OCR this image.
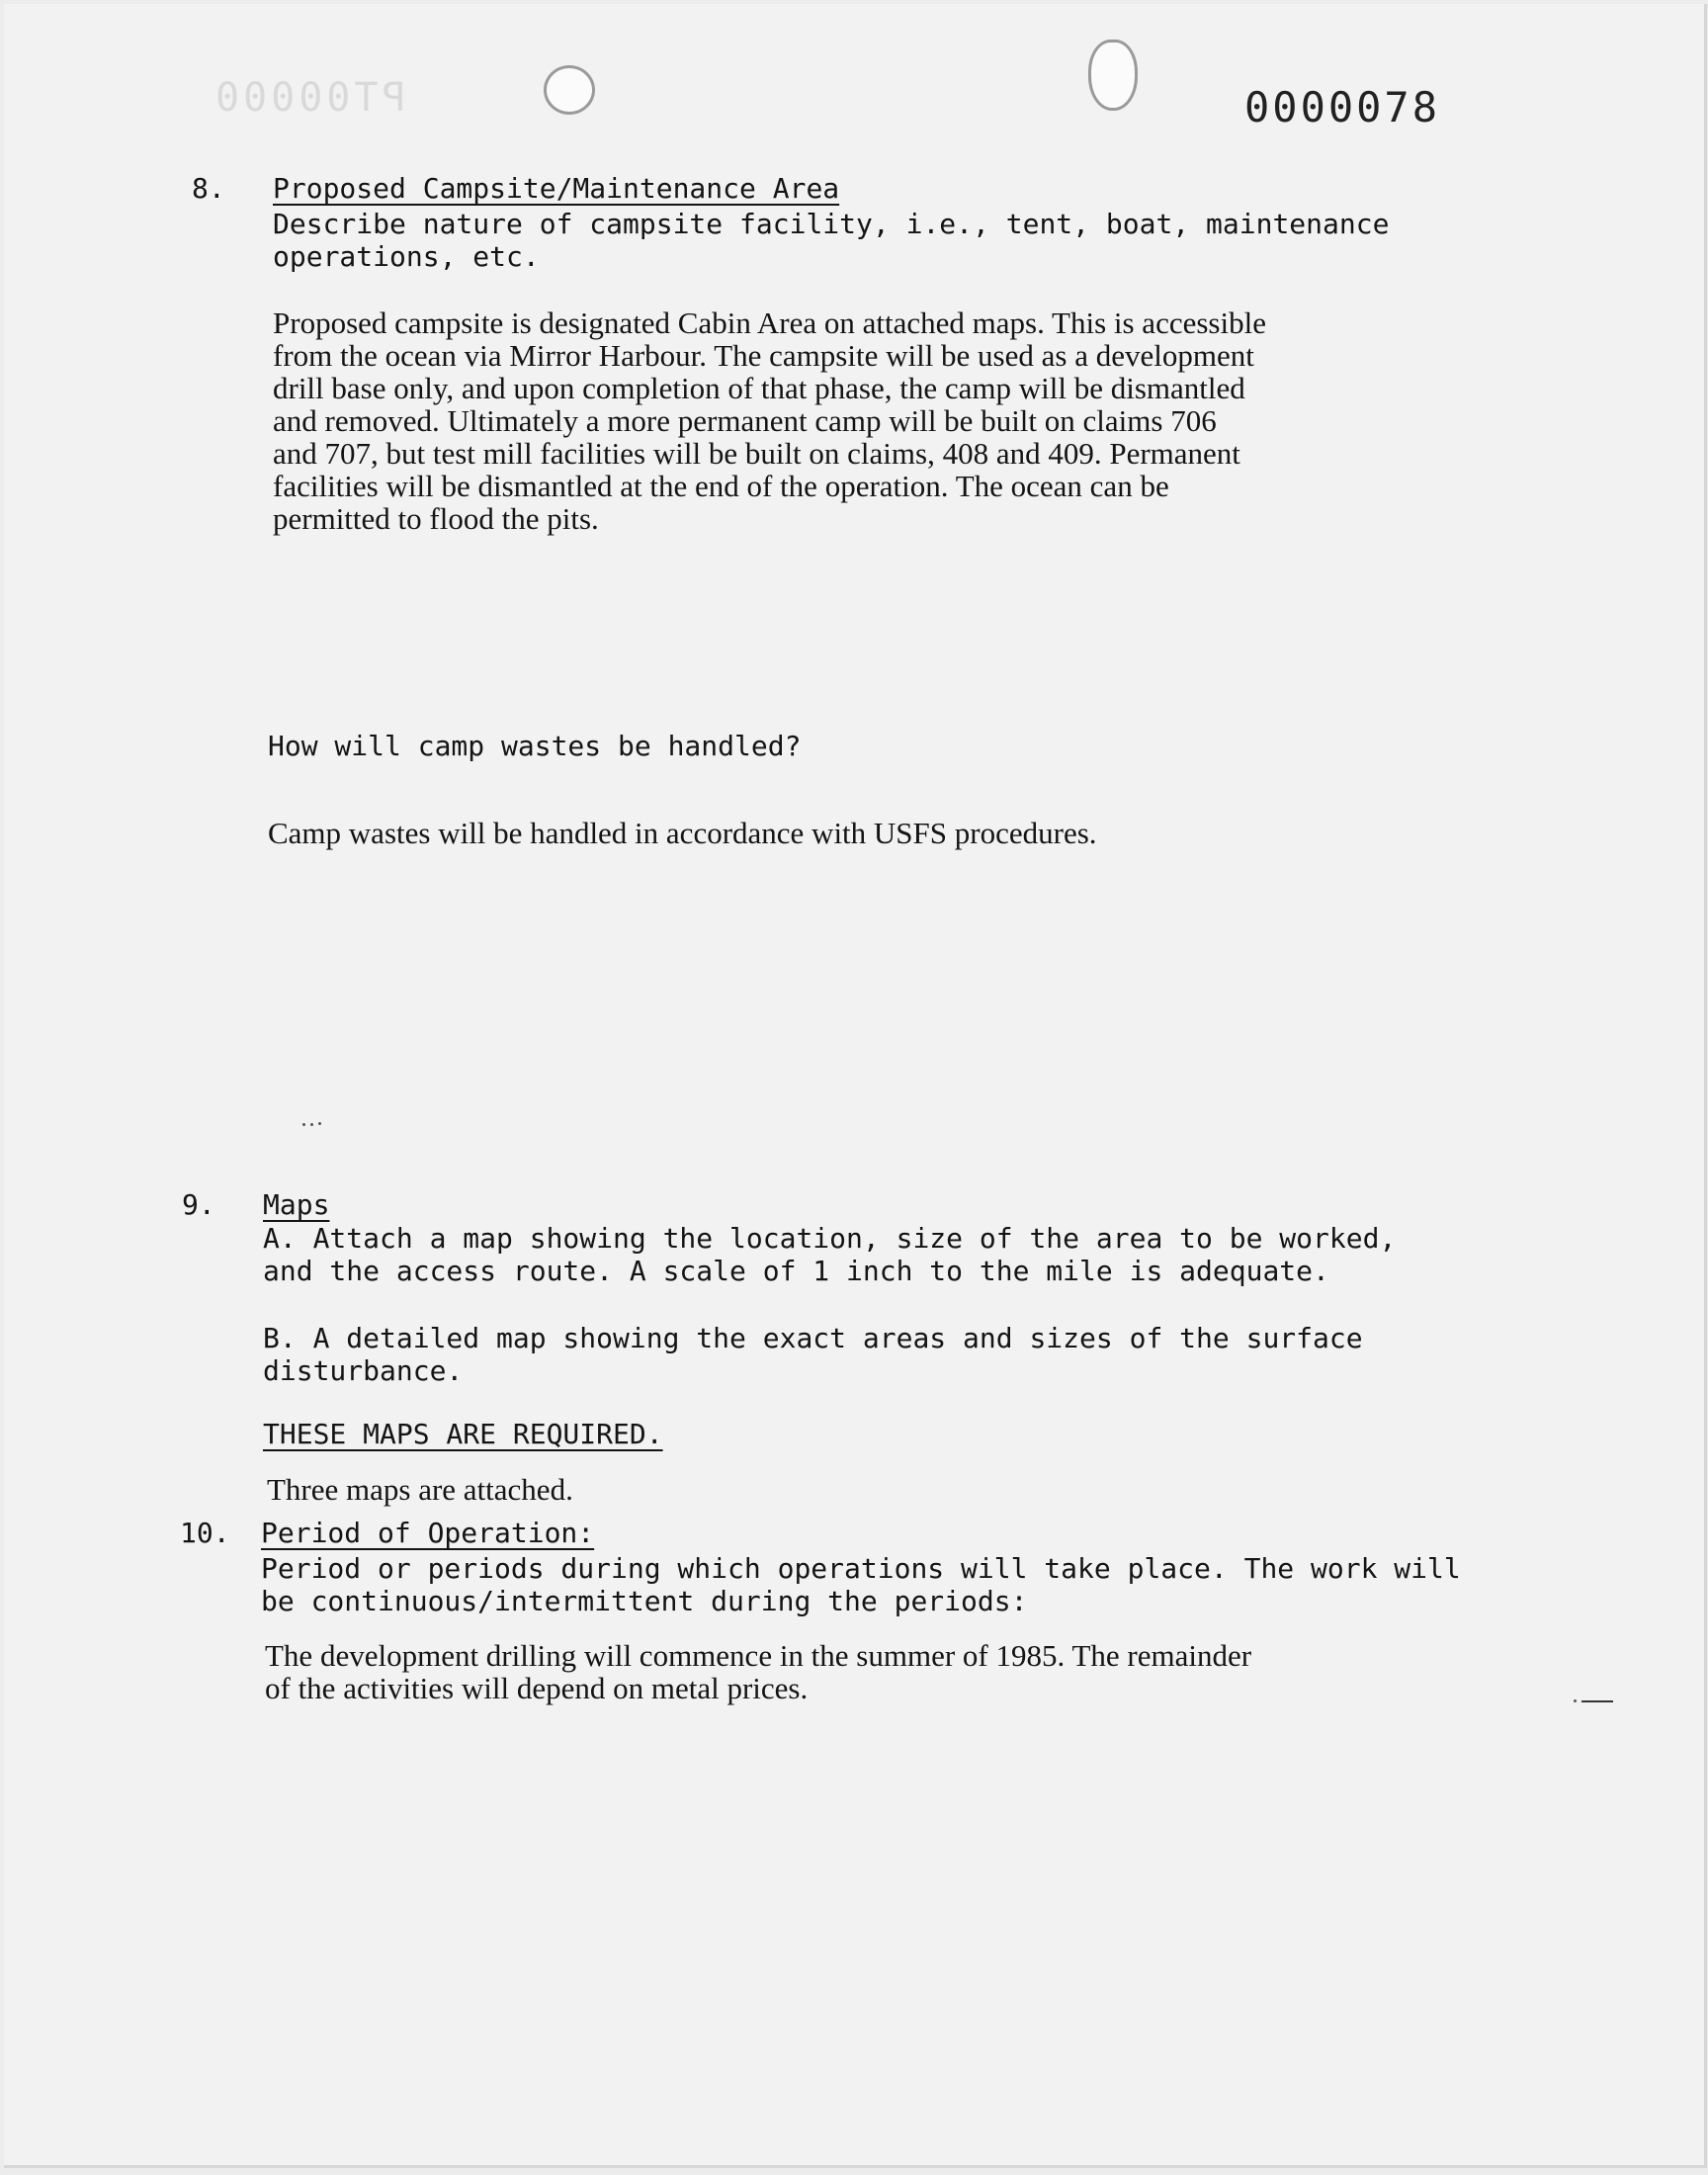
PT00000	0000078
8. Proposed Campsite/Maintenance Area
Describe nature of campsite facility, i.e., tent, boat, maintenance
operations, etc.
Proposed campsite is designated Cabin Area on attached maps. This is accessible
from the ocean via Mirror Harbour. The campsite will be used as a development
drill base only, and upon completion of that phase, the camp will be dismantled
and removed. Ultimately a more permanent camp will be built on claims 706
and 707, but test mill facilities will be built on claims, 408 and 409. Permanent
facilities will be dismantled at the end of the operation. The ocean can be
permitted to flood the pits.
How will camp wastes be handled?
Camp wastes will be handled in accordance with USFS procedures.
9. Maps
A. Attach a map showing the location, size of the area to be worked,
and the access route. A scale of 1 inch to the mile is adequate.
B. A detailed map showing the exact areas and sizes of the surface
disturbance.
THESE MAPS ARE REQUIRED.
Three maps are attached.
10. Period of Operation:
Period or periods during which operations will take place. The work will
be continuous/intermittent during the periods:
The development drilling will commence in the summer of 1985. The remainder
of the activities will depend on metal prices.
